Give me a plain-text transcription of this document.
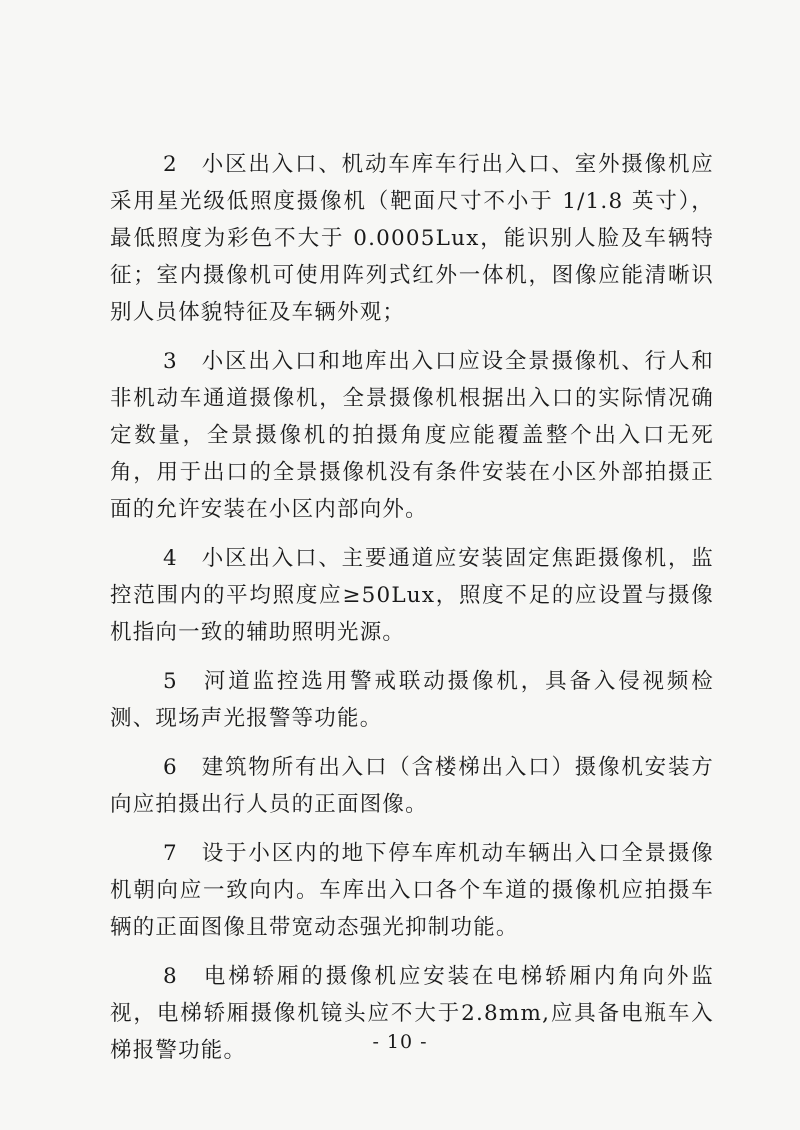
2　小区出入口、机动车库车行出入口、室外摄像机应采用星光级低照度摄像机（靶面尺寸不小于 1/1.8 英寸），最低照度为彩色不大于 0.0005Lux，能识别人脸及车辆特征；室内摄像机可使用阵列式红外一体机，图像应能清晰识别人员体貌特征及车辆外观；

3　小区出入口和地库出入口应设全景摄像机、行人和非机动车通道摄像机，全景摄像机根据出入口的实际情况确定数量，全景摄像机的拍摄角度应能覆盖整个出入口无死角，用于出口的全景摄像机没有条件安装在小区外部拍摄正面的允许安装在小区内部向外。

4　小区出入口、主要通道应安装固定焦距摄像机，监控范围内的平均照度应≥50Lux，照度不足的应设置与摄像机指向一致的辅助照明光源。

5　河道监控选用警戒联动摄像机，具备入侵视频检测、现场声光报警等功能。

6　建筑物所有出入口（含楼梯出入口）摄像机安装方向应拍摄出行人员的正面图像。

7　设于小区内的地下停车库机动车辆出入口全景摄像机朝向应一致向内。车库出入口各个车道的摄像机应拍摄车辆的正面图像且带宽动态强光抑制功能。

8　电梯轿厢的摄像机应安装在电梯轿厢内角向外监视，电梯轿厢摄像机镜头应不大于2.8mm,应具备电瓶车入梯报警功能。	- 10 -
